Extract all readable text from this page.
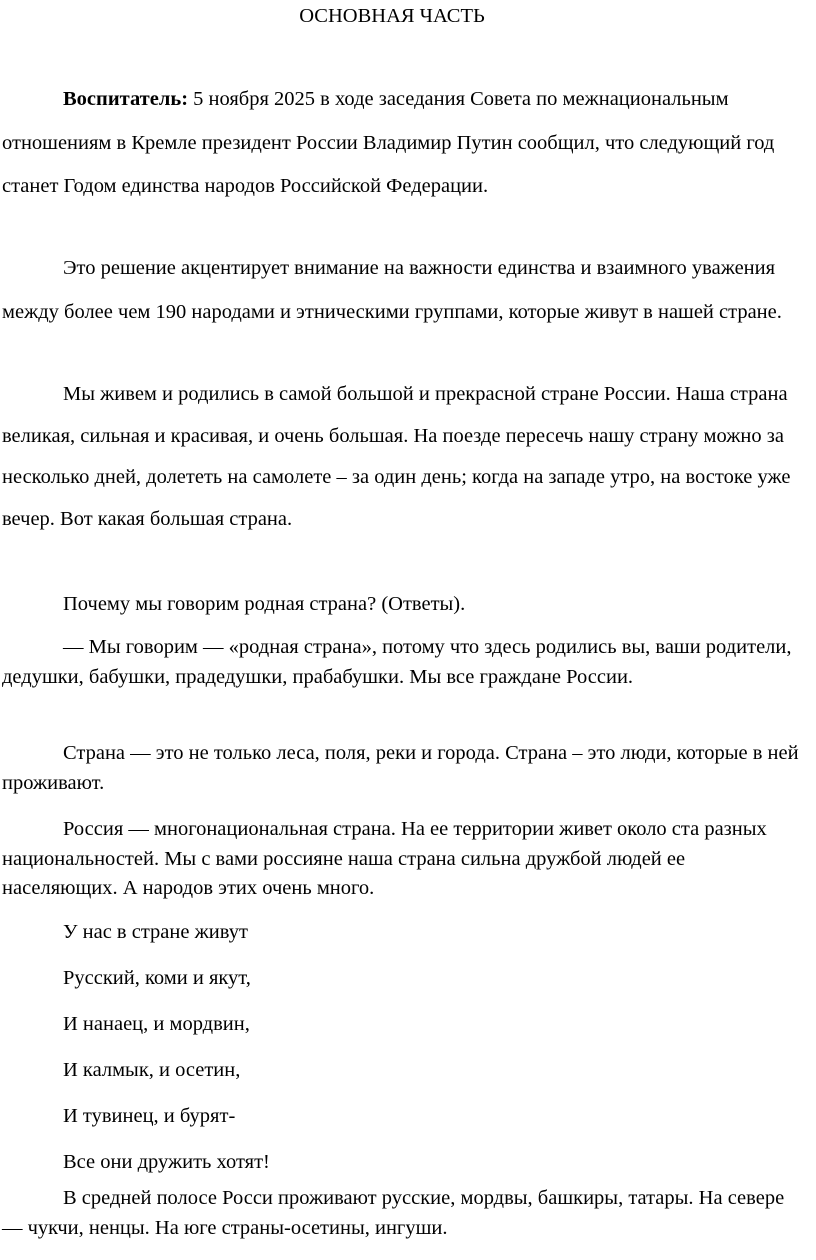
ОСНОВНАЯ ЧАСТЬ

Воспитатель: 5 ноября 2025 в ходе заседания Совета по межнациональным отношениям в Кремле президент России Владимир Путин сообщил, что следующий год станет Годом единства народов Российской Федерации.

Это решение акцентирует внимание на важности единства и взаимного уважения между более чем 190 народами и этническими группами, которые живут в нашей стране.

Мы живем и родились в самой большой и прекрасной стране России. Наша страна великая, сильная и красивая, и очень большая. На поезде пересечь нашу страну можно за несколько дней, долететь на самолете – за один день; когда на западе утро, на востоке уже вечер. Вот какая большая страна.

Почему мы говорим родная страна? (Ответы).

— Мы говорим — «родная страна», потому что здесь родились вы, ваши родители, дедушки, бабушки, прадедушки, прабабушки. Мы все граждане России.

Страна — это не только леса, поля, реки и города. Страна – это люди, которые в ней проживают.

Россия — многонациональная страна. На ее территории живет около ста разных национальностей. Мы с вами россияне наша страна сильна дружбой людей ее населяющих. А народов этих очень много.

У нас в стране живут

Русский, коми и якут,

И нанаец, и мордвин,

И калмык, и осетин,

И тувинец, и бурят-

Все они дружить хотят!

В средней полосе Росси проживают русские, мордвы, башкиры, татары. На севере — чукчи, ненцы. На юге страны-осетины, ингуши.
